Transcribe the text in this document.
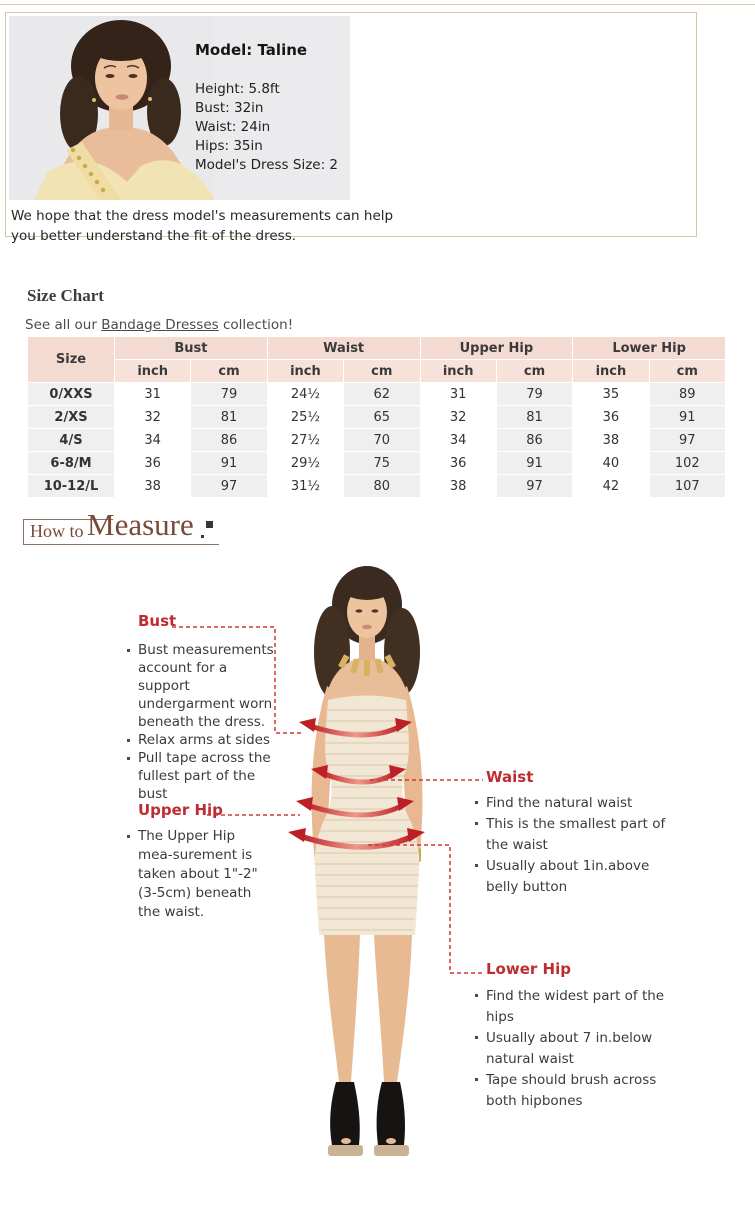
Model: Taline
Height: 5.8ft
Bust: 32in
Waist: 24in
Hips: 35in
Model's Dress Size: 2
We hope that the dress model's measurements can help
you better understand the fit of the dress.
Size Chart
See all our Bandage Dresses collection!
Size	Bust		Waist		Upper Hip		Lower Hip	
	inch	cm	inch	cm	inch	cm	inch	cm
0/XXS	31	79	24½	62	31	79	35	89
2/XS	32	81	25½	65	32	81	36	91
4/S	34	86	27½	70	34	86	38	97
6-8/M	36	91	29½	75	36	91	40	102
10-12/L	38	97	31½	80	38	97	42	107
How to Measure
Bust
Bust measurements account for a support undergarment worn beneath the dress.
Relax arms at sides
Pull tape across the fullest part of the bust
Upper Hip
The Upper Hip mea-surement is taken about 1"-2" (3-5cm) beneath the waist.
Waist
Find the natural waist
This is the smallest part of the waist
Usually about 1in.above belly button
Lower Hip
Find the widest part of the hips
Usually about 7 in.below natural waist
Tape should brush across both hipbones
